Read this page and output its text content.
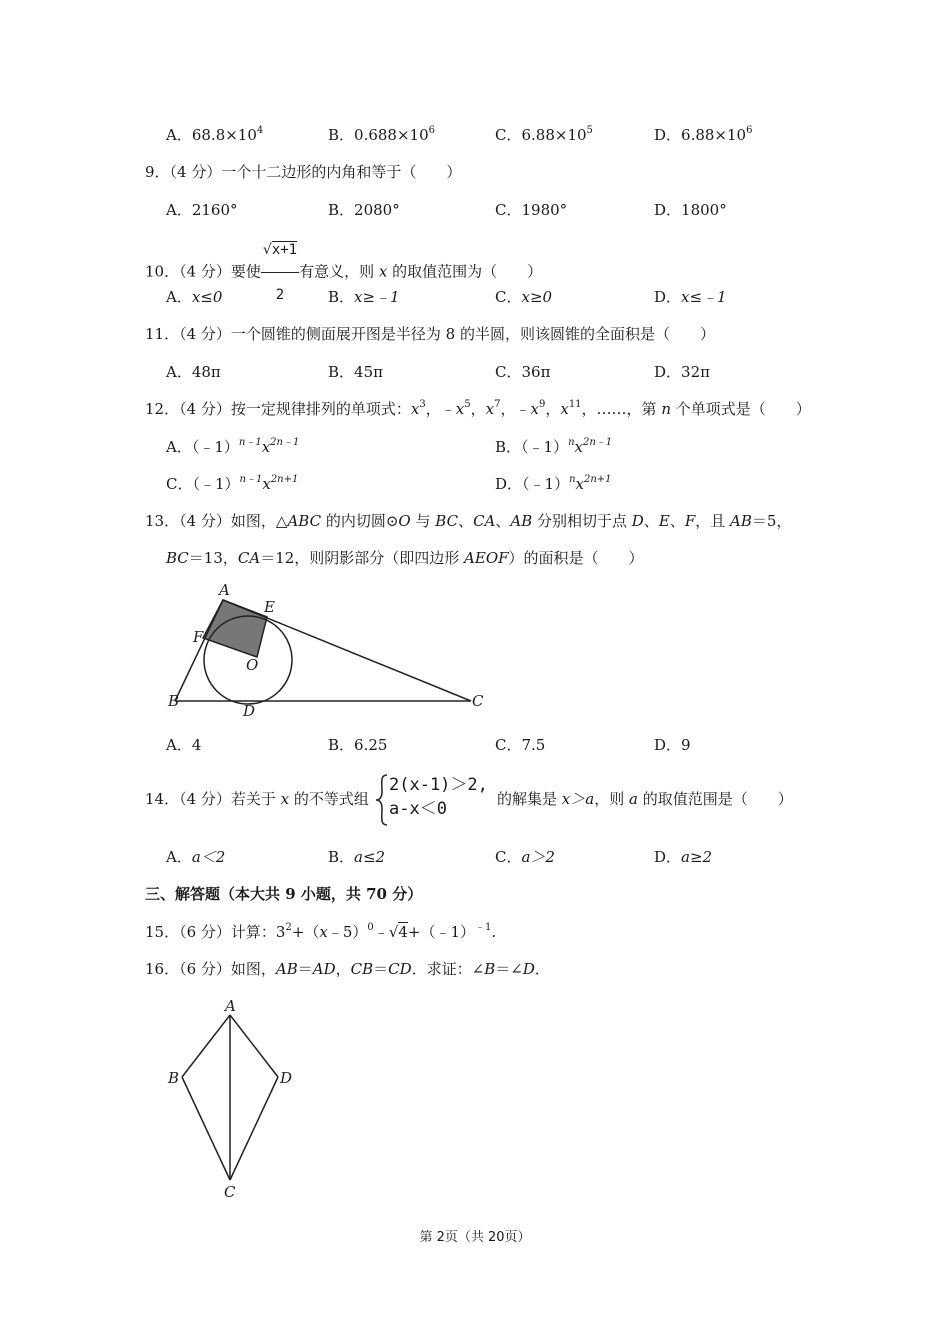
A．$68.8\times 10^4$	B．$0.688\times 10^6$	C．$6.88\times 10^5$	D．$6.88\times 10^6$
9．（4 分）一个十二边形的内角和等于（　　）
A．2160°	B．2080°	C．1980°	D．1800°
10．（4 分）要使 $\frac{√x+1}{2}$ 有意义，则 x 的取值范围为（　　）
A．x≤0	B．x≥﹣1	C．x≥0	D．x≤﹣1
11．（4 分）一个圆锥的侧面展开图是半径为 8 的半圆，则该圆锥的全面积是（　　）
A．48π	B．45π	C．36π	D．32π
12．（4 分）按一定规律排列的单项式：$x^3$，$﹣x^5$，$x^7$，$﹣x^9$，$x^{11}$，……，第 n 个单项式是（　　）
A．$(﹣1)^{n﹣1}x^{2n﹣1}$	B．$(﹣1)^nx^{2n﹣1}$
C．$(﹣1)^{n﹣1}x^{2n+1}$	D．$(﹣1)^nx^{2n+1}$
13．（4 分）如图，△ABC 的内切圆⊙O 与 BC、CA、AB 分别相切于点 D、E、F，且 AB＝5，
BC＝13，CA＝12，则阴影部分（即四边形 AEOF）的面积是（　　）
A
E
F
O
B
D
C
A．4	B．6.25	C．7.5	D．9
14．（4 分）若关于 x 的不等式组
2(x-1)＞2,
a-x＜0	的解集是 x＞a，则 a 的取值范围是（　　）
A．a＜2	B．a≤2	C．a＞2	D．a≥2
三、解答题（本大共 9 小题，共 70 分）
15．（6 分）计算：$3^2+(x﹣5)^0﹣√4+(﹣1)^{﹣1}$.
16．（6 分）如图，AB＝AD，CB＝CD．求证：∠B＝∠D．
A
B	D
C
第 2页（共 20页）
